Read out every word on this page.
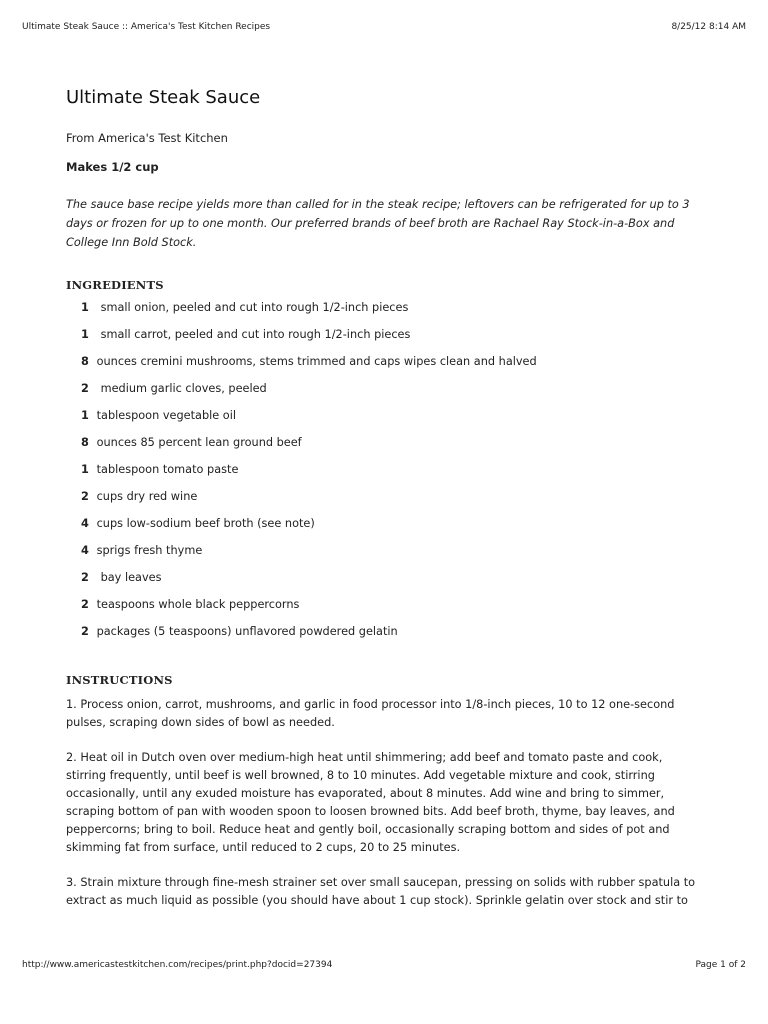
Ultimate Steak Sauce :: America's Test Kitchen Recipes	8/25/12 8:14 AM
Ultimate Steak Sauce
From America's Test Kitchen
Makes 1/2 cup
The sauce base recipe yields more than called for in the steak recipe; leftovers can be refrigerated for up to 3 days or frozen for up to one month. Our preferred brands of beef broth are Rachael Ray Stock-in-a-Box and College Inn Bold Stock.
INGREDIENTS
1 small onion, peeled and cut into rough 1/2-inch pieces
1 small carrot, peeled and cut into rough 1/2-inch pieces
8 ounces cremini mushrooms, stems trimmed and caps wipes clean and halved
2 medium garlic cloves, peeled
1 tablespoon vegetable oil
8 ounces 85 percent lean ground beef
1 tablespoon tomato paste
2 cups dry red wine
4 cups low-sodium beef broth (see note)
4 sprigs fresh thyme
2 bay leaves
2 teaspoons whole black peppercorns
2 packages (5 teaspoons) unflavored powdered gelatin
INSTRUCTIONS

1. Process onion, carrot, mushrooms, and garlic in food processor into 1/8-inch pieces, 10 to 12 one-second pulses, scraping down sides of bowl as needed.

2. Heat oil in Dutch oven over medium-high heat until shimmering; add beef and tomato paste and cook, stirring frequently, until beef is well browned, 8 to 10 minutes. Add vegetable mixture and cook, stirring occasionally, until any exuded moisture has evaporated, about 8 minutes. Add wine and bring to simmer, scraping bottom of pan with wooden spoon to loosen browned bits. Add beef broth, thyme, bay leaves, and peppercorns; bring to boil. Reduce heat and gently boil, occasionally scraping bottom and sides of pot and skimming fat from surface, until reduced to 2 cups, 20 to 25 minutes.

3. Strain mixture through fine-mesh strainer set over small saucepan, pressing on solids with rubber spatula to extract as much liquid as possible (you should have about 1 cup stock). Sprinkle gelatin over stock and stir to

http://www.americastestkitchen.com/recipes/print.php?docid=27394	Page 1 of 2
